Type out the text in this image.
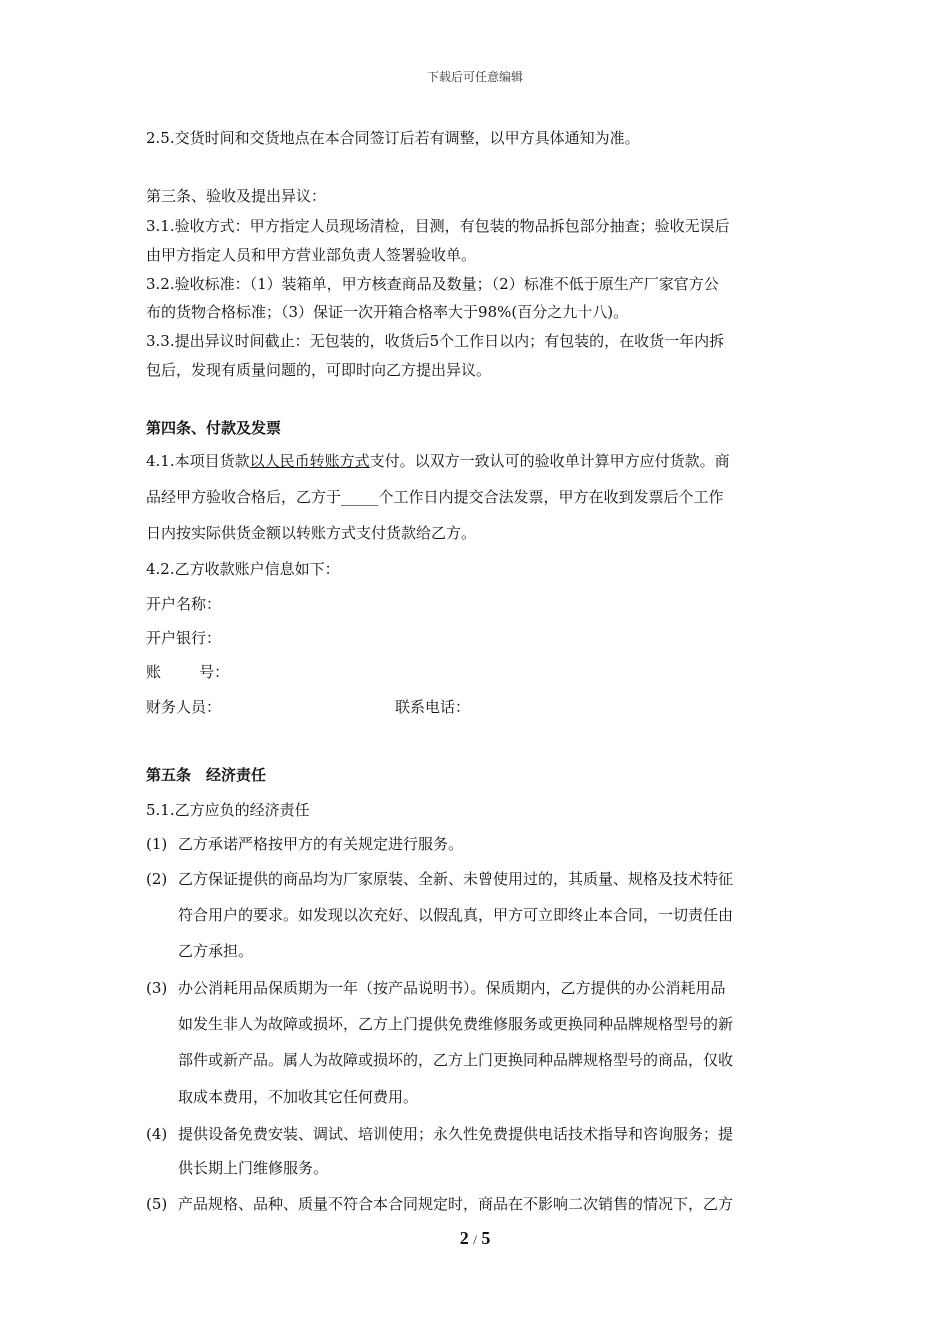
下载后可任意编辑
2.5.交货时间和交货地点在本合同签订后若有调整，以甲方具体通知为准。
第三条、验收及提出异议：
3.1.验收方式：甲方指定人员现场清检，目测，有包装的物品拆包部分抽查；验收无误后
由甲方指定人员和甲方营业部负责人签署验收单。
3.2.验收标准：（1）装箱单，甲方核查商品及数量；（2）标准不低于原生产厂家官方公
布的货物合格标准；（3）保证一次开箱合格率大于98%(百分之九十八)。
3.3.提出异议时间截止：无包装的，收货后5个工作日以内；有包装的，在收货一年内拆
包后，发现有质量问题的，可即时向乙方提出异议。
第四条、付款及发票
4.1.本项目货款以人民币转账方式支付。以双方一致认可的验收单计算甲方应付货款。商
品经甲方验收合格后，乙方于_____个工作日内提交合法发票，甲方在收到发票后个工作
日内按实际供货金额以转账方式支付货款给乙方。
4.2.乙方收款账户信息如下：
开户名称：
开户银行：
账        号：
财务人员：	联系电话：
第五条　经济责任
5.1.乙方应负的经济责任
(1) 乙方承诺严格按甲方的有关规定进行服务。
(2) 乙方保证提供的商品均为厂家原装、全新、未曾使用过的，其质量、规格及技术特征
符合用户的要求。如发现以次充好、以假乱真，甲方可立即终止本合同，一切责任由
乙方承担。
(3) 办公消耗用品保质期为一年（按产品说明书）。保质期内，乙方提供的办公消耗用品
如发生非人为故障或损坏，乙方上门提供免费维修服务或更换同种品牌规格型号的新
部件或新产品。属人为故障或损坏的，乙方上门更换同种品牌规格型号的商品，仅收
取成本费用，不加收其它任何费用。
(4) 提供设备免费安装、调试、培训使用；永久性免费提供电话技术指导和咨询服务；提
供长期上门维修服务。
(5) 产品规格、品种、质量不符合本合同规定时，商品在不影响二次销售的情况下，乙方
2 / 5
